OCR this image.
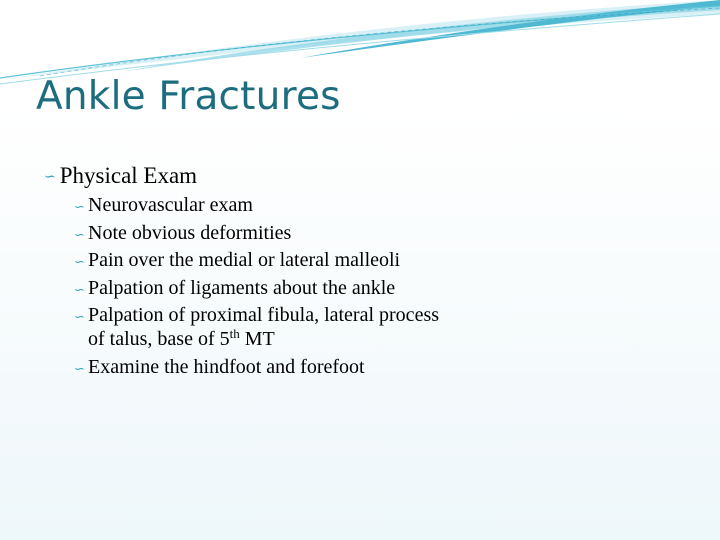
Ankle Fractures
∽ Physical Exam
∽ Neurovascular exam
∽ Note obvious deformities
∽ Pain over the medial or lateral malleoli
∽ Palpation of ligaments about the ankle
∽ Palpation of proximal fibula, lateral process
of talus, base of 5th MT
∽ Examine the hindfoot and forefoot
